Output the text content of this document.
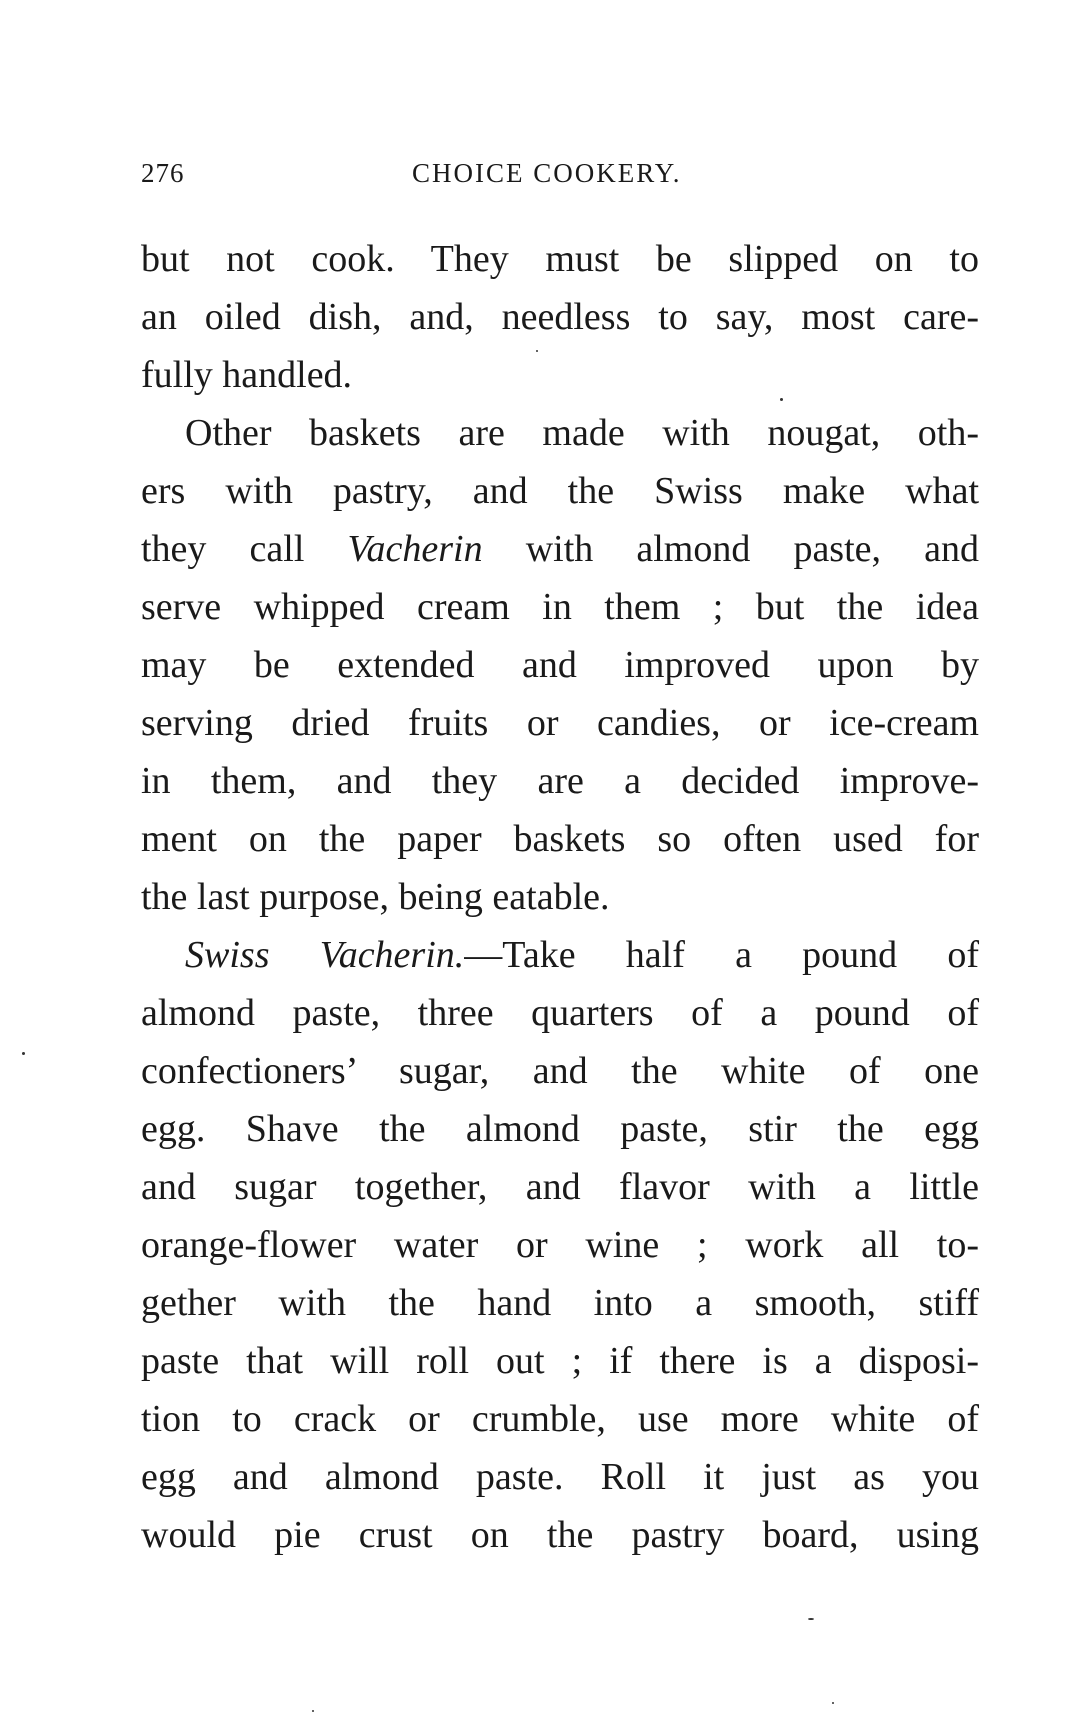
276	CHOICE COOKERY.
but not cook. They must be slipped on to
an oiled dish, and, needless to say, most care-
fully handled.
Other baskets are made with nougat, oth-
ers with pastry, and the Swiss make what
they call Vacherin with almond paste, and
serve whipped cream in them ; but the idea
may be extended and improved upon by
serving dried fruits or candies, or ice-cream
in them, and they are a decided improve-
ment on the paper baskets so often used for
the last purpose, being eatable.
Swiss Vacherin.—Take half a pound of
almond paste, three quarters of a pound of
confectioners’ sugar, and the white of one
egg. Shave the almond paste, stir the egg
and sugar together, and flavor with a little
orange-flower water or wine ; work all to-
gether with the hand into a smooth, stiff
paste that will roll out ; if there is a disposi-
tion to crack or crumble, use more white of
egg and almond paste. Roll it just as you
would pie crust on the pastry board, using
